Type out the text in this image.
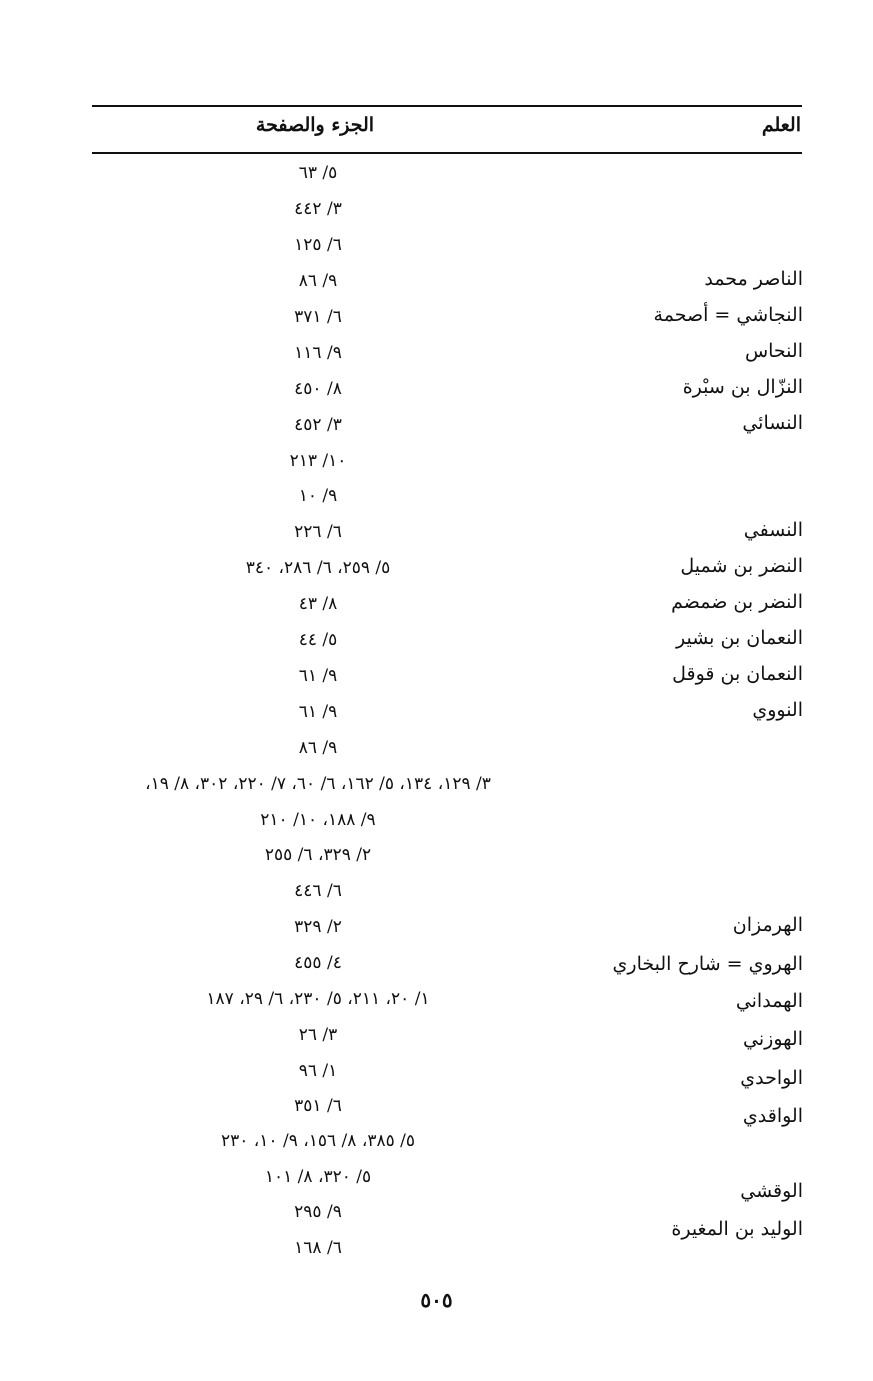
العلم
الجزء والصفحة
٥/ ٦٣
٣/ ٤٤٢
٦/ ١٢٥
٩/ ٨٦
٦/ ٣٧١
٩/ ١١٦
٨/ ٤٥٠
٣/ ٤٥٢
١٠/ ٢١٣
٩/ ١٠
٦/ ٢٢٦
٥/ ٢٥٩، ٦/ ٢٨٦، ٣٤٠
٨/ ٤٣
٥/ ٤٤
٩/ ٦١
٩/ ٦١
٩/ ٨٦
٣/ ١٢٩، ١٣٤، ٥/ ١٦٢، ٦/ ٦٠، ٧/ ٢٢٠، ٣٠٢، ٨/ ١٩،
٩/ ١٨٨، ١٠/ ٢١٠
٢/ ٣٢٩، ٦/ ٢٥٥
٦/ ٤٤٦
٢/ ٣٢٩
٤/ ٤٥٥
١/ ٢٠، ٢١١، ٥/ ٢٣٠، ٦/ ٢٩، ١٨٧
٣/ ٢٦
١/ ٩٦
٦/ ٣٥١
٥/ ٣٨٥، ٨/ ١٥٦، ٩/ ١٠، ٢٣٠
٥/ ٣٢٠، ٨/ ١٠١
٩/ ٢٩٥
٦/ ١٦٨
الناصر محمد
النجاشي = أصحمة
النحاس
النزّال بن سبْرة
النسائي
النسفي
النضر بن شميل
النضر بن ضمضم
النعمان بن بشير
النعمان بن قوقل
النووي
الهرمزان
الهروي = شارح البخاري
الهمداني
الهوزني
الواحدي
الواقدي
الوقشي
الوليد بن المغيرة
٥٠٥
